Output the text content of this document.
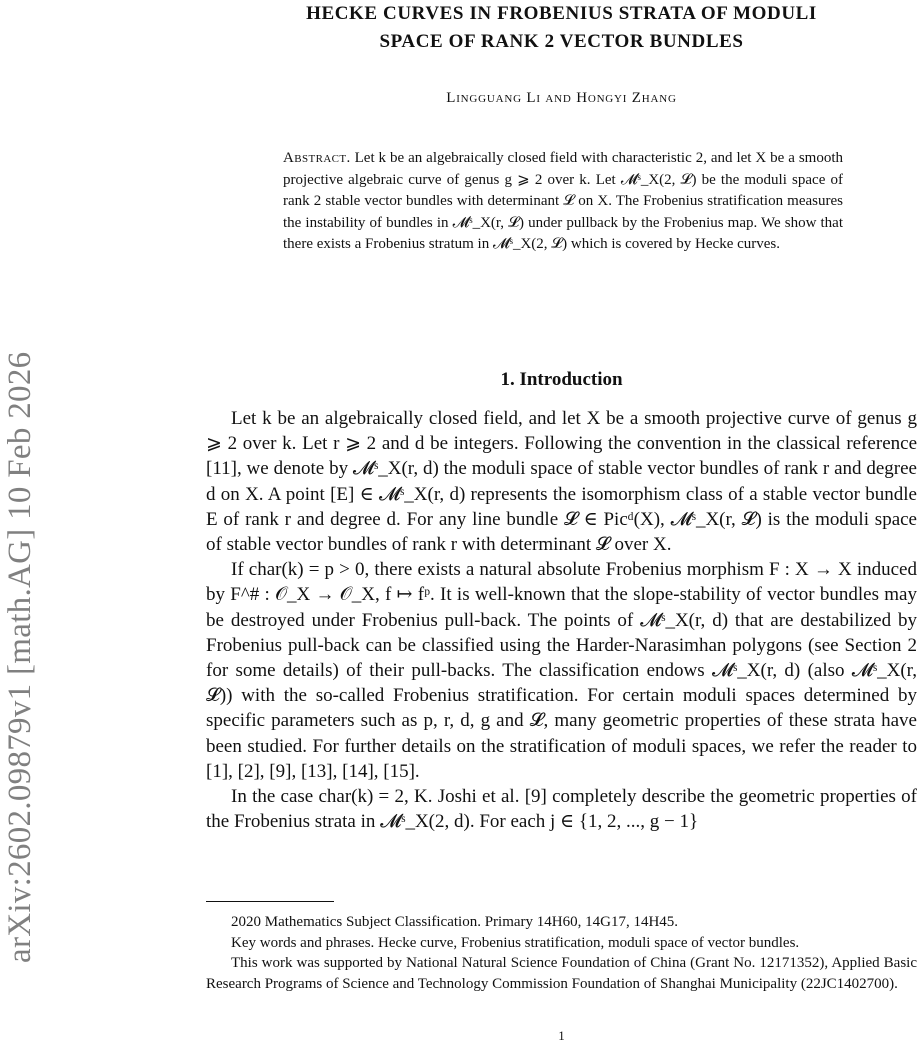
arXiv:2602.09879v1 [math.AG] 10 Feb 2026
HECKE CURVES IN FROBENIUS STRATA OF MODULI
SPACE OF RANK 2 VECTOR BUNDLES
Lingguang Li and Hongyi Zhang
Abstract. Let k be an algebraically closed field with characteristic 2, and let X be a smooth projective algebraic curve of genus g ⩾ 2 over k. Let 𝓜ˢ_X(2, 𝓛) be the moduli space of rank 2 stable vector bundles with determinant 𝓛 on X. The Frobenius stratification measures the instability of bundles in 𝓜ˢ_X(r, 𝓛) under pullback by the Frobenius map. We show that there exists a Frobenius stratum in 𝓜ˢ_X(2, 𝓛) which is covered by Hecke curves.
1. Introduction

Let k be an algebraically closed field, and let X be a smooth projective curve of genus g ⩾ 2 over k. Let r ⩾ 2 and d be integers. Following the convention in the classical reference [11], we denote by 𝓜ˢ_X(r, d) the moduli space of stable vector bundles of rank r and degree d on X. A point [E] ∈ 𝓜ˢ_X(r, d) represents the isomorphism class of a stable vector bundle E of rank r and degree d. For any line bundle 𝓛 ∈ Picᵈ(X), 𝓜ˢ_X(r, 𝓛) is the moduli space of stable vector bundles of rank r with determinant 𝓛 over X.

If char(k) = p > 0, there exists a natural absolute Frobenius morphism F : X → X induced by F^# : 𝒪_X → 𝒪_X, f ↦ fᵖ. It is well-known that the slope-stability of vector bundles may be destroyed under Frobenius pull-back. The points of 𝓜ˢ_X(r, d) that are destabilized by Frobenius pull-back can be classified using the Harder-Narasimhan polygons (see Section 2 for some details) of their pull-backs. The classification endows 𝓜ˢ_X(r, d) (also 𝓜ˢ_X(r, 𝓛)) with the so-called Frobenius stratification. For certain moduli spaces determined by specific parameters such as p, r, d, g and 𝓛, many geometric properties of these strata have been studied. For further details on the stratification of moduli spaces, we refer the reader to [1], [2], [9], [13], [14], [15].

In the case char(k) = 2, K. Joshi et al. [9] completely describe the geometric properties of the Frobenius strata in 𝓜ˢ_X(2, d). For each j ∈ {1, 2, ..., g − 1}

2020 Mathematics Subject Classification. Primary 14H60, 14G17, 14H45.

Key words and phrases. Hecke curve, Frobenius stratification, moduli space of vector bundles.

This work was supported by National Natural Science Foundation of China (Grant No. 12171352), Applied Basic Research Programs of Science and Technology Commission Foundation of Shanghai Municipality (22JC1402700).

1
